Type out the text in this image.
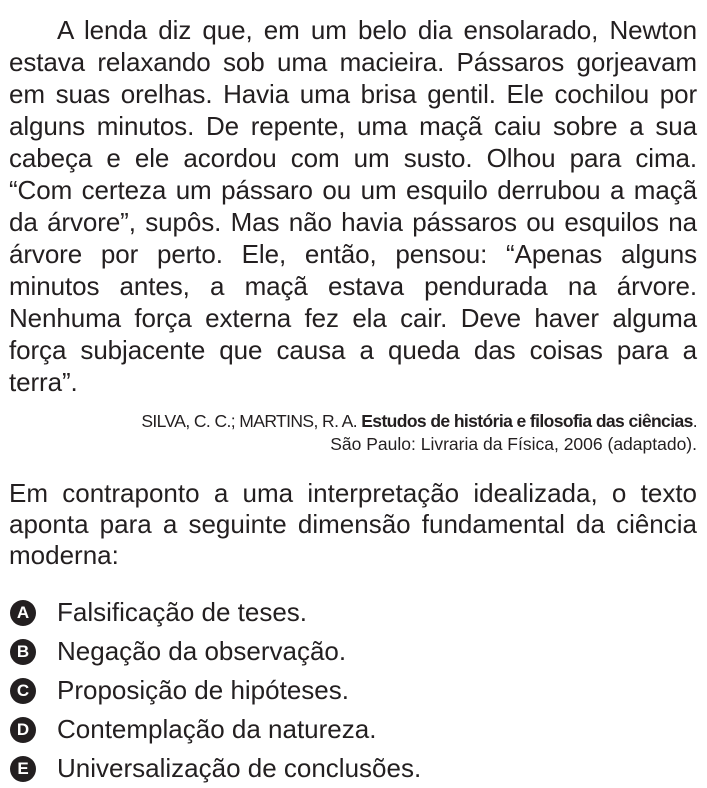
A lenda diz que, em um belo dia ensolarado, Newton estava relaxando sob uma macieira. Pássaros gorjeavam em suas orelhas. Havia uma brisa gentil. Ele cochilou por alguns minutos. De repente, uma maçã caiu sobre a sua cabeça e ele acordou com um susto. Olhou para cima. “Com certeza um pássaro ou um esquilo derrubou a maçã da árvore”, supôs. Mas não havia pássaros ou esquilos na árvore por perto. Ele, então, pensou: “Apenas alguns minutos antes, a maçã estava pendurada na árvore. Nenhuma força externa fez ela cair. Deve haver alguma força subjacente que causa a queda das coisas para a terra”.

SILVA, C. C.; MARTINS, R. A. Estudos de história e filosofia das ciências.
São Paulo: Livraria da Física, 2006 (adaptado).
Em contraponto a uma interpretação idealizada, o texto aponta para a seguinte dimensão fundamental da ciência moderna:
A Falsificação de teses.
B Negação da observação.
C Proposição de hipóteses.
D Contemplação da natureza.
E Universalização de conclusões.
